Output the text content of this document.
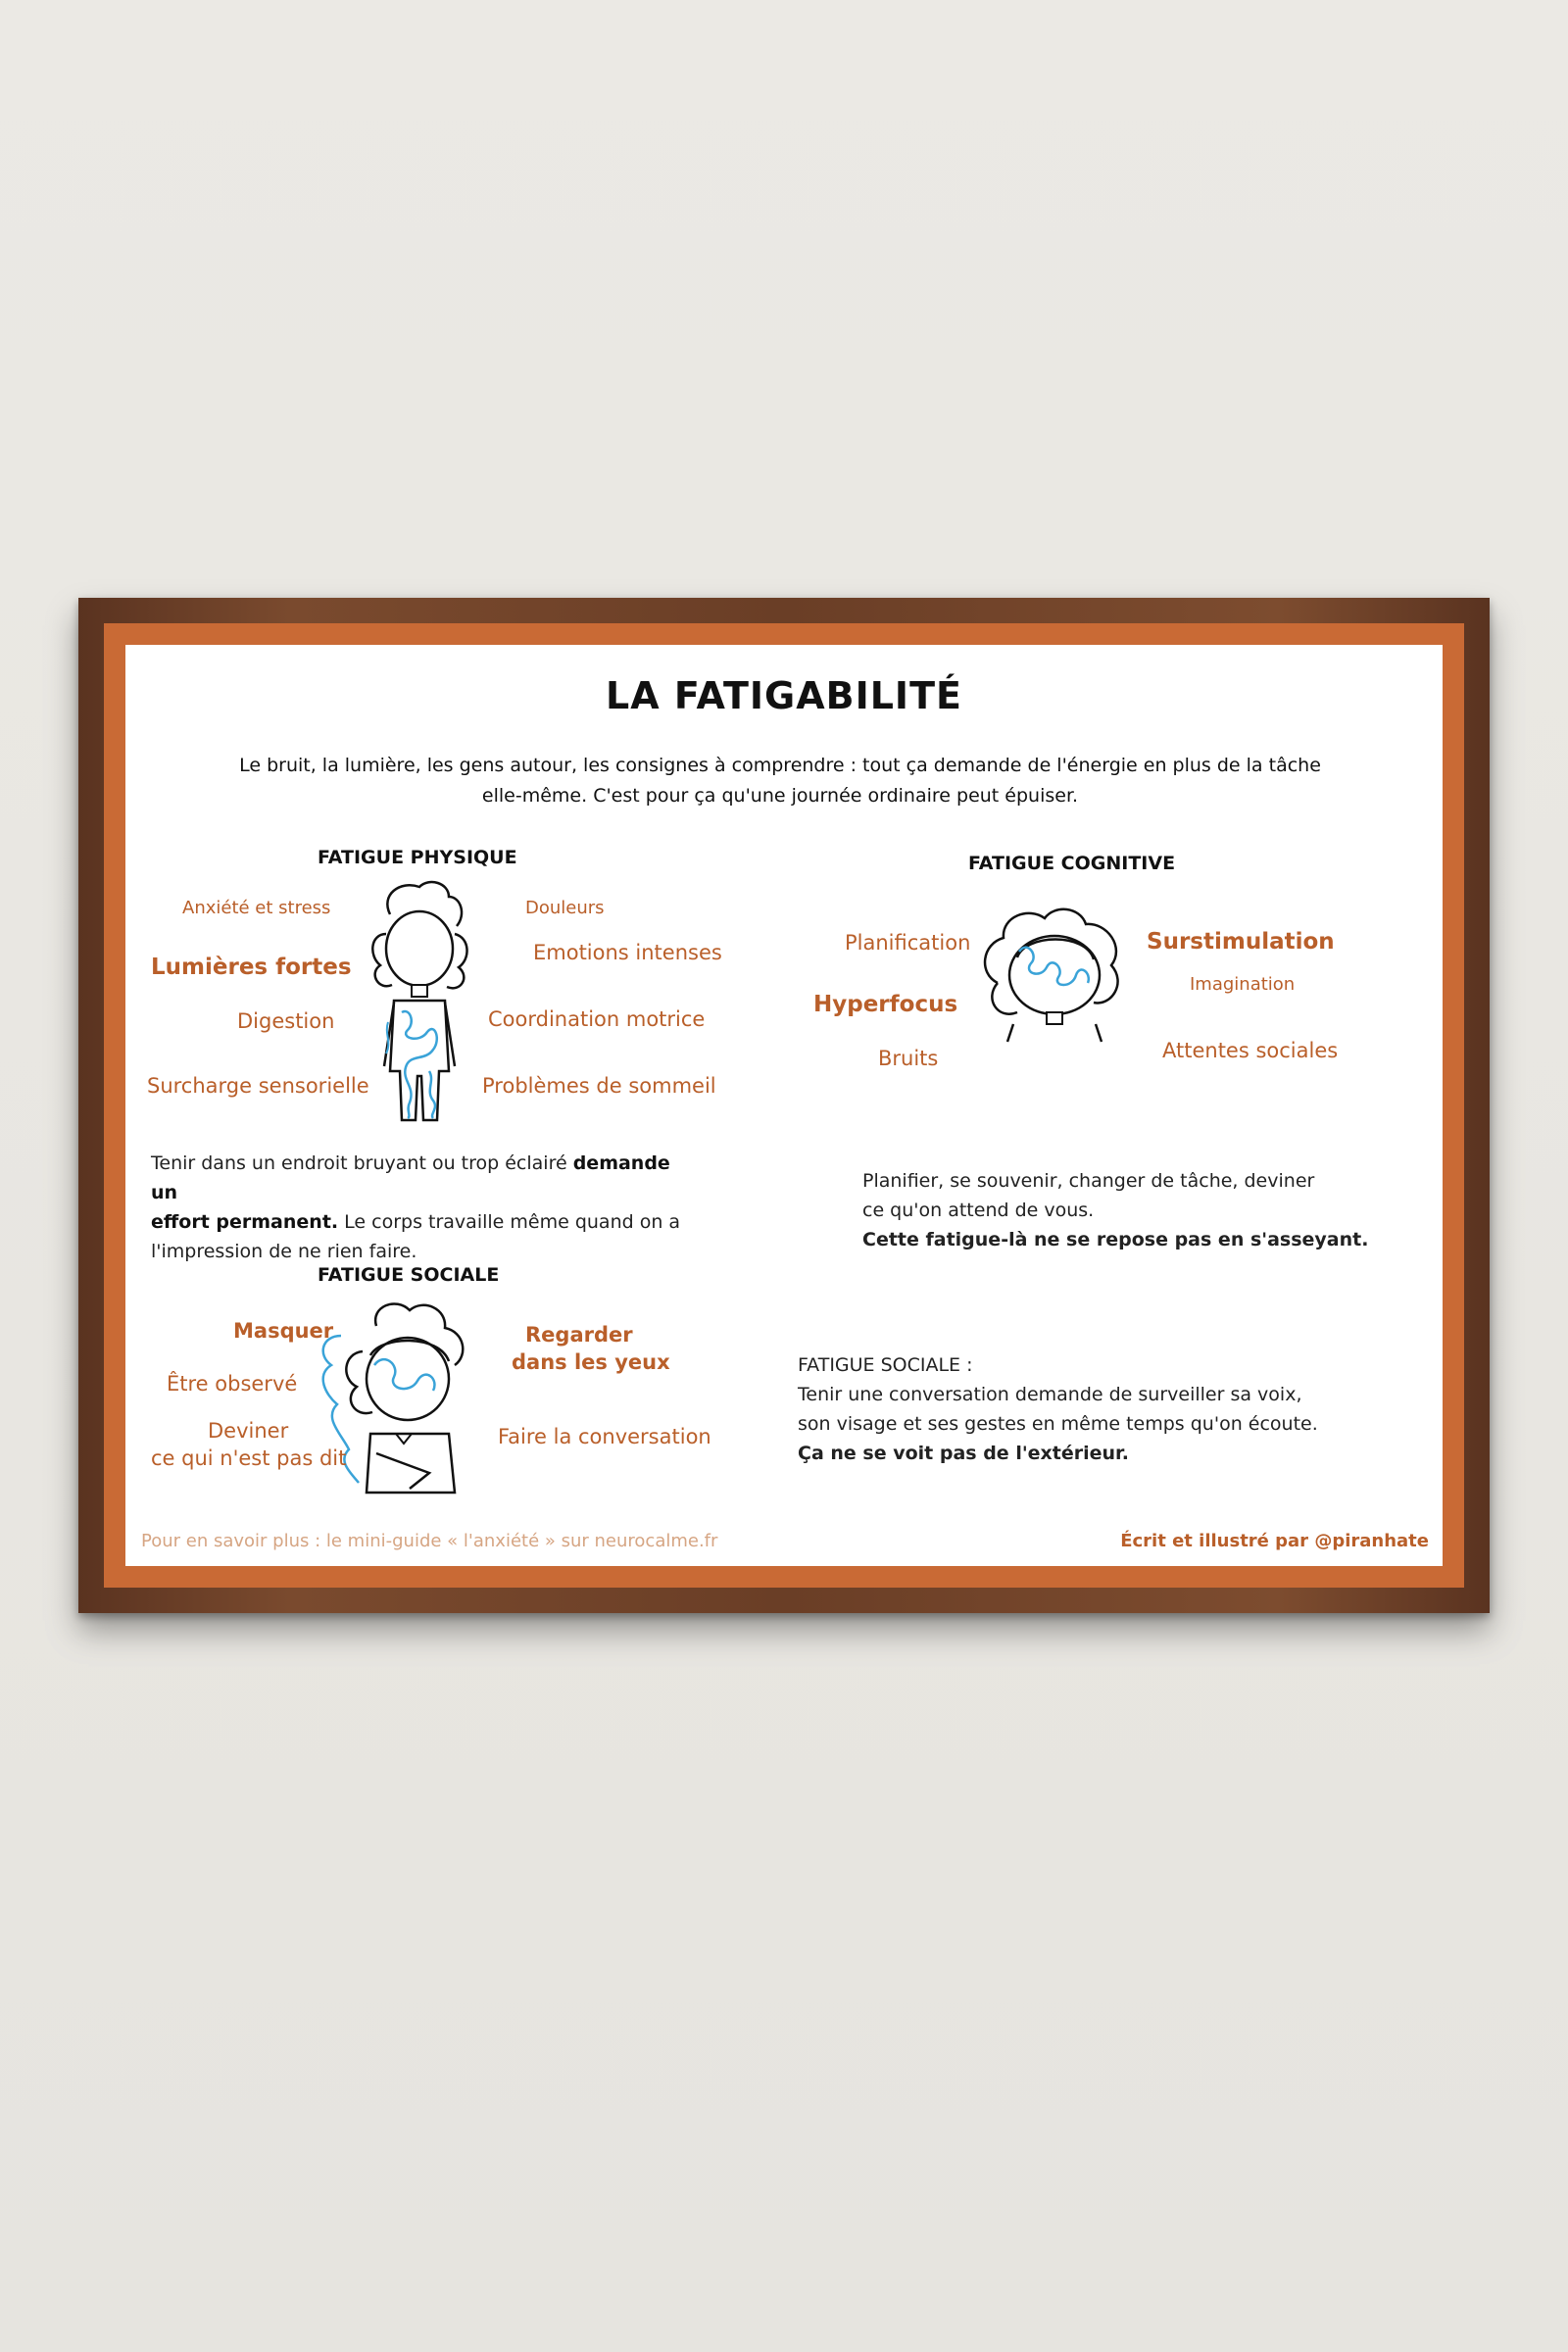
LA FATIGABILITÉ
Le bruit, la lumière, les gens autour, les consignes à comprendre : tout ça demande de l'énergie en plus de la tâche
elle-même. C'est pour ça qu'une journée ordinaire peut épuiser.
FATIGUE PHYSIQUE
Anxiété et stress	Douleurs
Lumières fortes
Emotions intenses
Digestion	Coordination motrice
Surcharge sensorielle	Problèmes de sommeil
Tenir dans un endroit bruyant ou trop éclairé demande un
effort permanent. Le corps travaille même quand on a
l'impression de ne rien faire.
FATIGUE COGNITIVE
Planification	Surstimulation
Imagination
Hyperfocus
Bruits	Attentes sociales
Planifier, se souvenir, changer de tâche, deviner
ce qu'on attend de vous.
Cette fatigue-là ne se repose pas en s'asseyant.
FATIGUE SOCIALE
Masquer	Regarder
dans les yeux
Être observé
Deviner
ce qui n'est pas dit
Faire la conversation
FATIGUE SOCIALE :
Tenir une conversation demande de surveiller sa voix,
son visage et ses gestes en même temps qu'on écoute.
Ça ne se voit pas de l'extérieur.
Pour en savoir plus : le mini-guide « l'anxiété » sur neurocalme.fr	Écrit et illustré par @piranhate
